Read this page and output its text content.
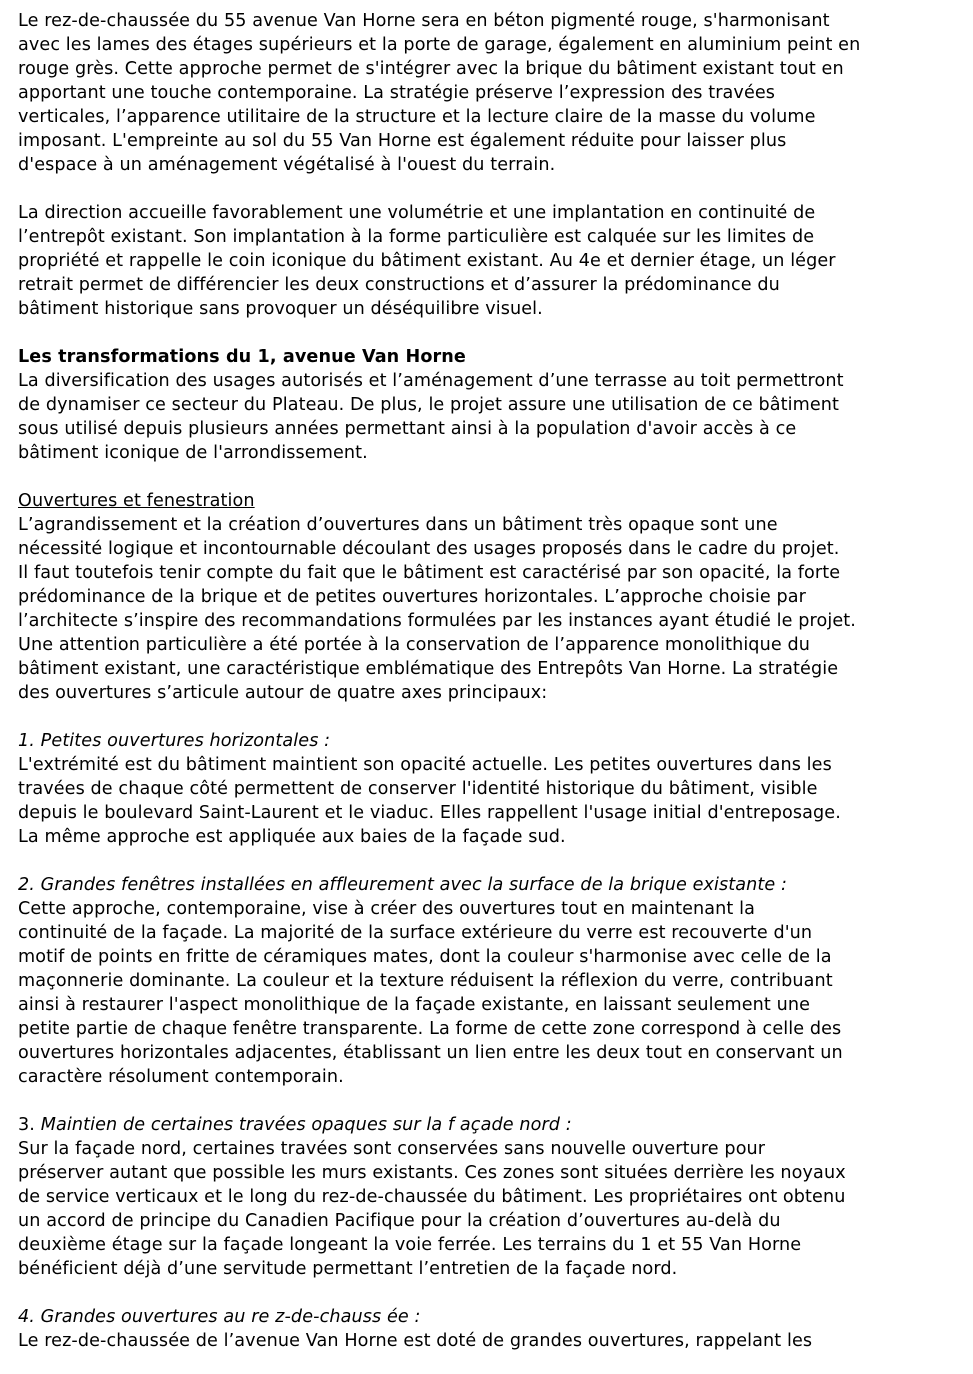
Le rez-de-chaussée du 55 avenue Van Horne sera en béton pigmenté rouge, s'harmonisant
avec les lames des étages supérieurs et la porte de garage, également en aluminium peint en
rouge grès. Cette approche permet de s'intégrer avec la brique du bâtiment existant tout en
apportant une touche contemporaine. La stratégie préserve l’expression des travées
verticales, l’apparence utilitaire de la structure et la lecture claire de la masse du volume
imposant. L'empreinte au sol du 55 Van Horne est également réduite pour laisser plus
d'espace à un aménagement végétalisé à l'ouest du terrain.
La direction accueille favorablement une volumétrie et une implantation en continuité de
l’entrepôt existant. Son implantation à la forme particulière est calquée sur les limites de
propriété et rappelle le coin iconique du bâtiment existant. Au 4e et dernier étage, un léger
retrait permet de différencier les deux constructions et d’assurer la prédominance du
bâtiment historique sans provoquer un déséquilibre visuel.
Les transformations du 1, avenue Van Horne
La diversification des usages autorisés et l’aménagement d’une terrasse au toit permettront
de dynamiser ce secteur du Plateau. De plus, le projet assure une utilisation de ce bâtiment
sous utilisé depuis plusieurs années permettant ainsi à la population d'avoir accès à ce
bâtiment iconique de l'arrondissement.
Ouvertures et fenestration
L’agrandissement et la création d’ouvertures dans un bâtiment très opaque sont une
nécessité logique et incontournable découlant des usages proposés dans le cadre du projet.
Il faut toutefois tenir compte du fait que le bâtiment est caractérisé par son opacité, la forte
prédominance de la brique et de petites ouvertures horizontales. L’approche choisie par
l’architecte s’inspire des recommandations formulées par les instances ayant étudié le projet.
Une attention particulière a été portée à la conservation de l’apparence monolithique du
bâtiment existant, une caractéristique emblématique des Entrepôts Van Horne. La stratégie
des ouvertures s’articule autour de quatre axes principaux:
1. Petites ouvertures horizontales :
L'extrémité est du bâtiment maintient son opacité actuelle. Les petites ouvertures dans les
travées de chaque côté permettent de conserver l'identité historique du bâtiment, visible
depuis le boulevard Saint-Laurent et le viaduc. Elles rappellent l'usage initial d'entreposage.
La même approche est appliquée aux baies de la façade sud.
2. Grandes fenêtres installées en affleurement avec la surface de la brique existante :
Cette approche, contemporaine, vise à créer des ouvertures tout en maintenant la
continuité de la façade. La majorité de la surface extérieure du verre est recouverte d'un
motif de points en fritte de céramiques mates, dont la couleur s'harmonise avec celle de la
maçonnerie dominante. La couleur et la texture réduisent la réflexion du verre, contribuant
ainsi à restaurer l'aspect monolithique de la façade existante, en laissant seulement une
petite partie de chaque fenêtre transparente. La forme de cette zone correspond à celle des
ouvertures horizontales adjacentes, établissant un lien entre les deux tout en conservant un
caractère résolument contemporain.
3. Maintien de certaines travées opaques sur la f açade nord :
Sur la façade nord, certaines travées sont conservées sans nouvelle ouverture pour
préserver autant que possible les murs existants. Ces zones sont situées derrière les noyaux
de service verticaux et le long du rez-de-chaussée du bâtiment. Les propriétaires ont obtenu
un accord de principe du Canadien Pacifique pour la création d’ouvertures au-delà du
deuxième étage sur la façade longeant la voie ferrée. Les terrains du 1 et 55 Van Horne
bénéficient déjà d’une servitude permettant l’entretien de la façade nord.
4. Grandes ouvertures au re z-de-chauss ée :
Le rez-de-chaussée de l’avenue Van Horne est doté de grandes ouvertures, rappelant les
